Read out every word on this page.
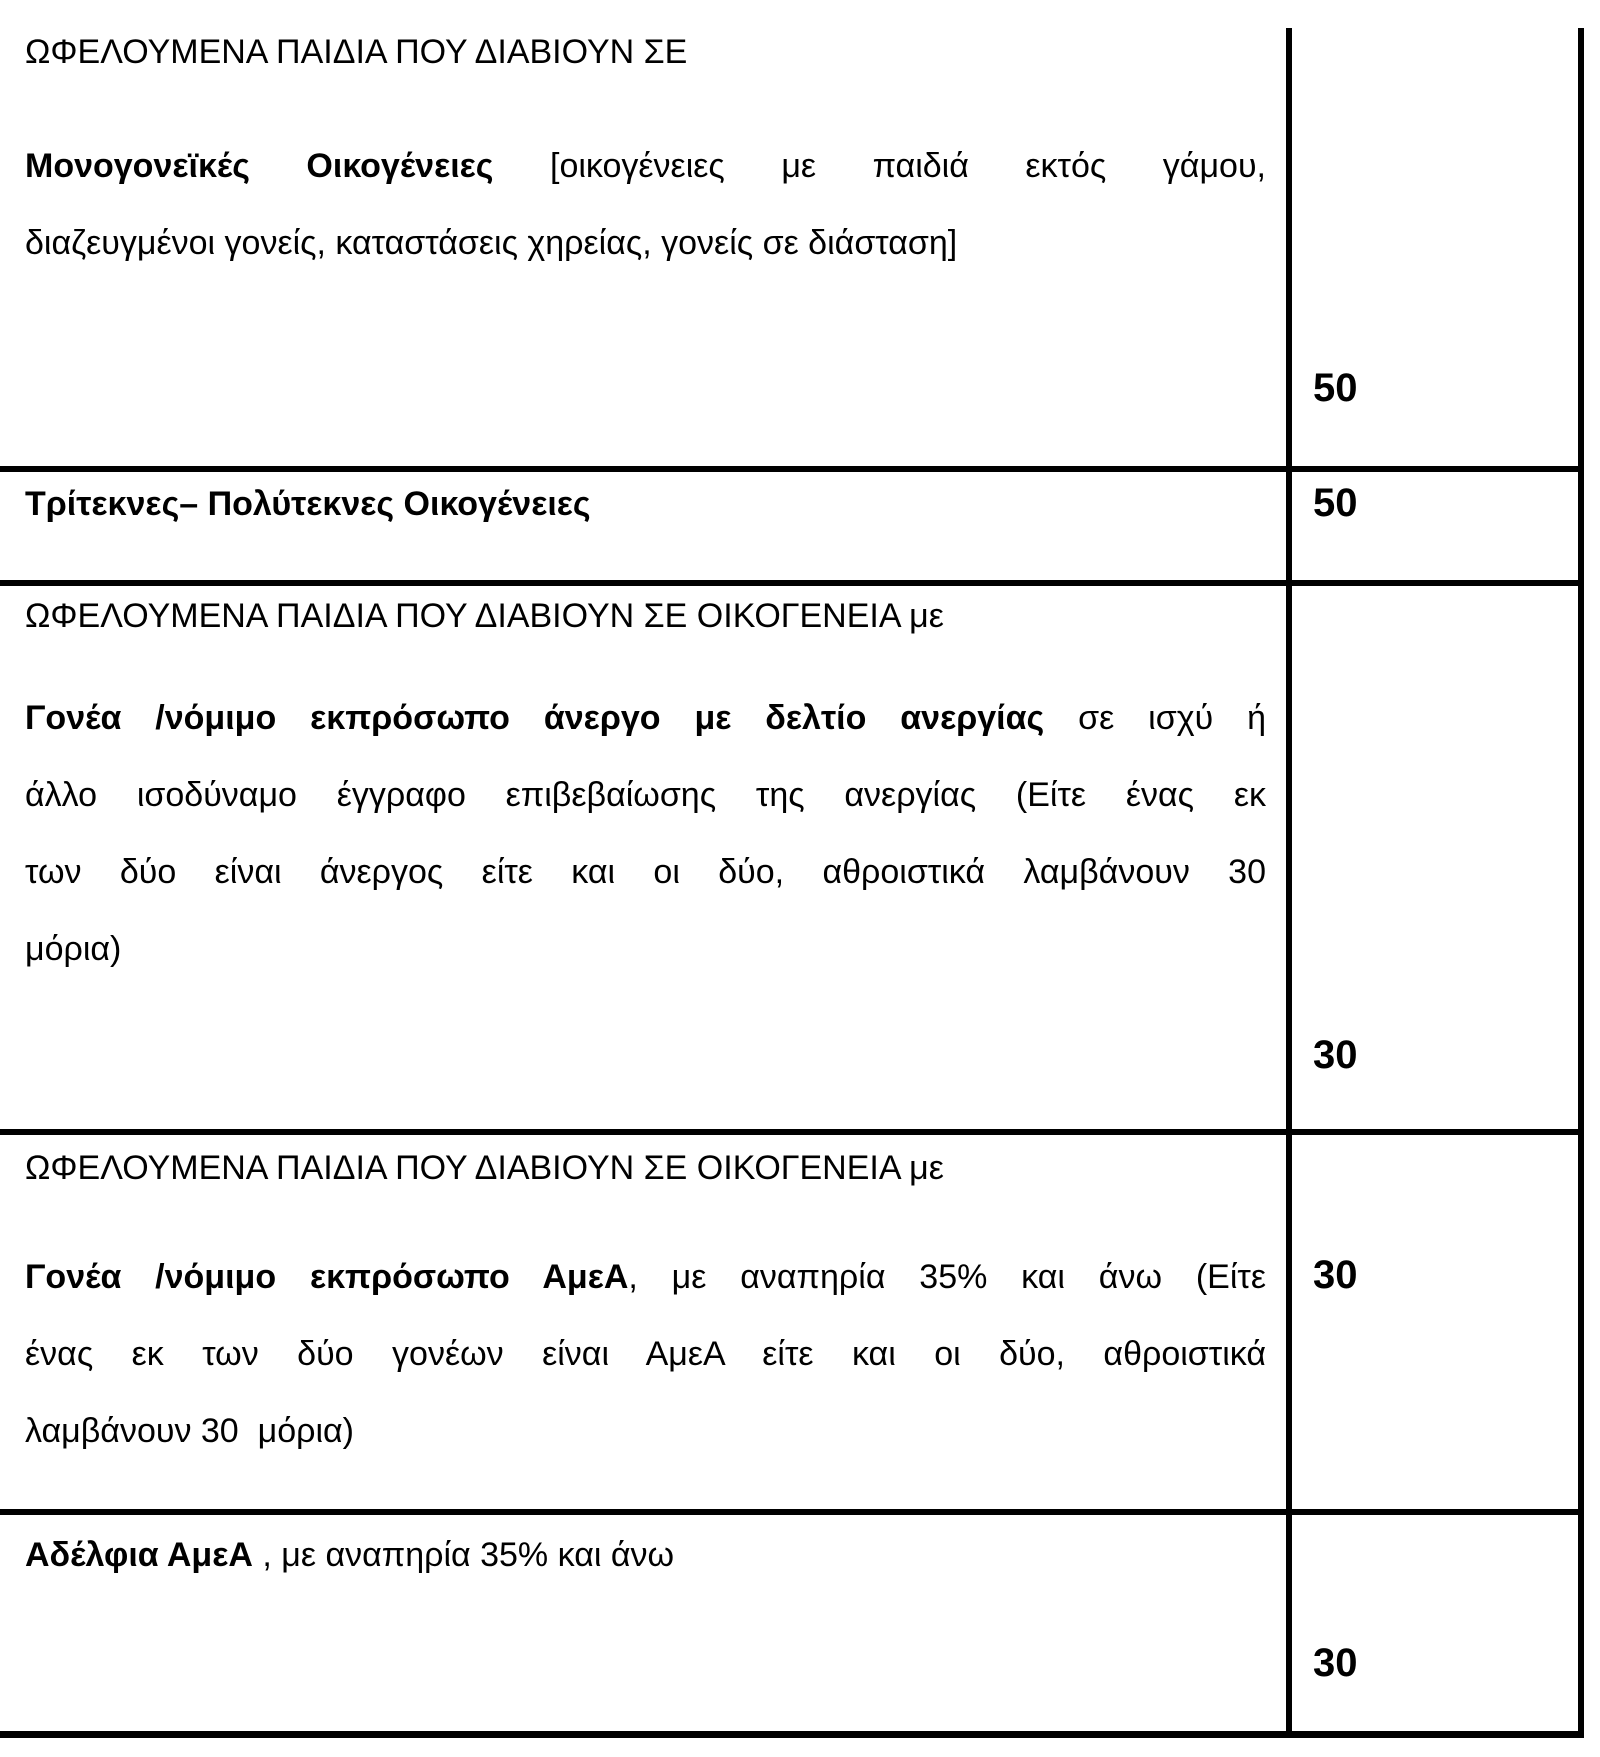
ΩΦΕΛΟΥΜΕΝΑ ΠΑΙΔΙΑ ΠΟΥ ΔΙΑΒΙΟΥΝ ΣΕ
Μονογονεϊκές Οικογένειες [οικογένειες με παιδιά εκτός γάμου,
διαζευγμένοι γονείς, καταστάσεις χηρείας, γονείς σε διάσταση]
50
Τρίτεκνες– Πολύτεκνες Οικογένειες	50
ΩΦΕΛΟΥΜΕΝΑ ΠΑΙΔΙΑ ΠΟΥ ΔΙΑΒΙΟΥΝ ΣΕ ΟΙΚΟΓΕΝΕΙΑ με
Γονέα /νόμιμο εκπρόσωπο άνεργο με δελτίο ανεργίας σε ισχύ ή
άλλο ισοδύναμο έγγραφο επιβεβαίωσης της ανεργίας (Είτε ένας εκ
των δύο είναι άνεργος είτε και οι δύο, αθροιστικά λαμβάνουν 30
μόρια)
30
ΩΦΕΛΟΥΜΕΝΑ ΠΑΙΔΙΑ ΠΟΥ ΔΙΑΒΙΟΥΝ ΣΕ ΟΙΚΟΓΕΝΕΙΑ με
Γονέα /νόμιμο εκπρόσωπο ΑμεΑ, με αναπηρία 35% και άνω (Είτε
ένας εκ των δύο γονέων είναι ΑμεΑ είτε και οι δύο, αθροιστικά
λαμβάνουν 30  μόρια)
30
Αδέλφια ΑμεΑ , με αναπηρία 35% και άνω
30
